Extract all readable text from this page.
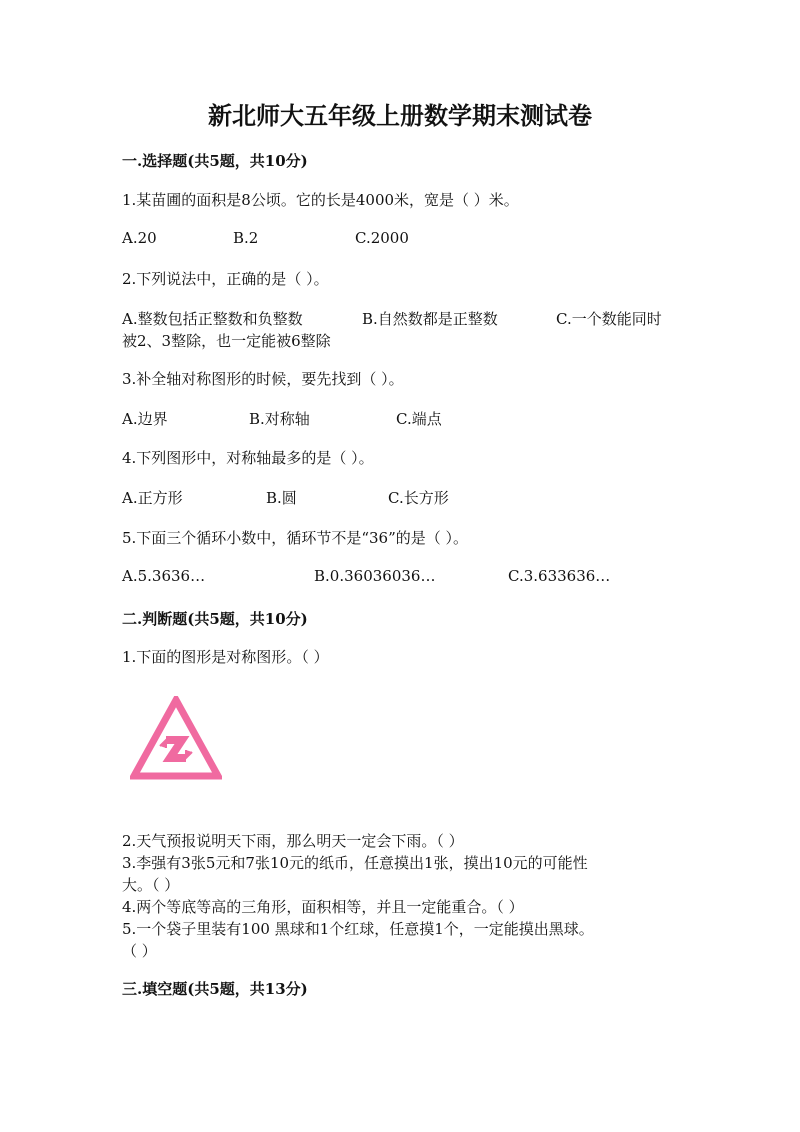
新北师大五年级上册数学期末测试卷
一.选择题(共5题，共10分)
1.某苗圃的面积是8公顷。它的长是4000米，宽是（ ）米。
A.20	B.2	C.2000
2.下列说法中，正确的是（ ）。
A.整数包括正整数和负整数	B.自然数都是正整数	C.一个数能同时
被2、3整除，也一定能被6整除
3.补全轴对称图形的时候，要先找到（ ）。
A.边界	B.对称轴	C.端点
4.下列图形中，对称轴最多的是（ ）。
A.正方形	B.圆	C.长方形
5.下面三个循环小数中，循环节不是“36”的是（ ）。
A.5.3636…	B.0.36036036…	C.3.633636…
二.判断题(共5题，共10分)
1.下面的图形是对称图形。（ ）
2.天气预报说明天下雨，那么明天一定会下雨。（ ）
3.李强有3张5元和7张10元的纸币，任意摸出1张，摸出10元的可能性
大。（ ）
4.两个等底等高的三角形，面积相等，并且一定能重合。（ ）
5.一个袋子里装有100 黑球和1个红球，任意摸1个，一定能摸出黑球。
（ ）
三.填空题(共5题，共13分)
